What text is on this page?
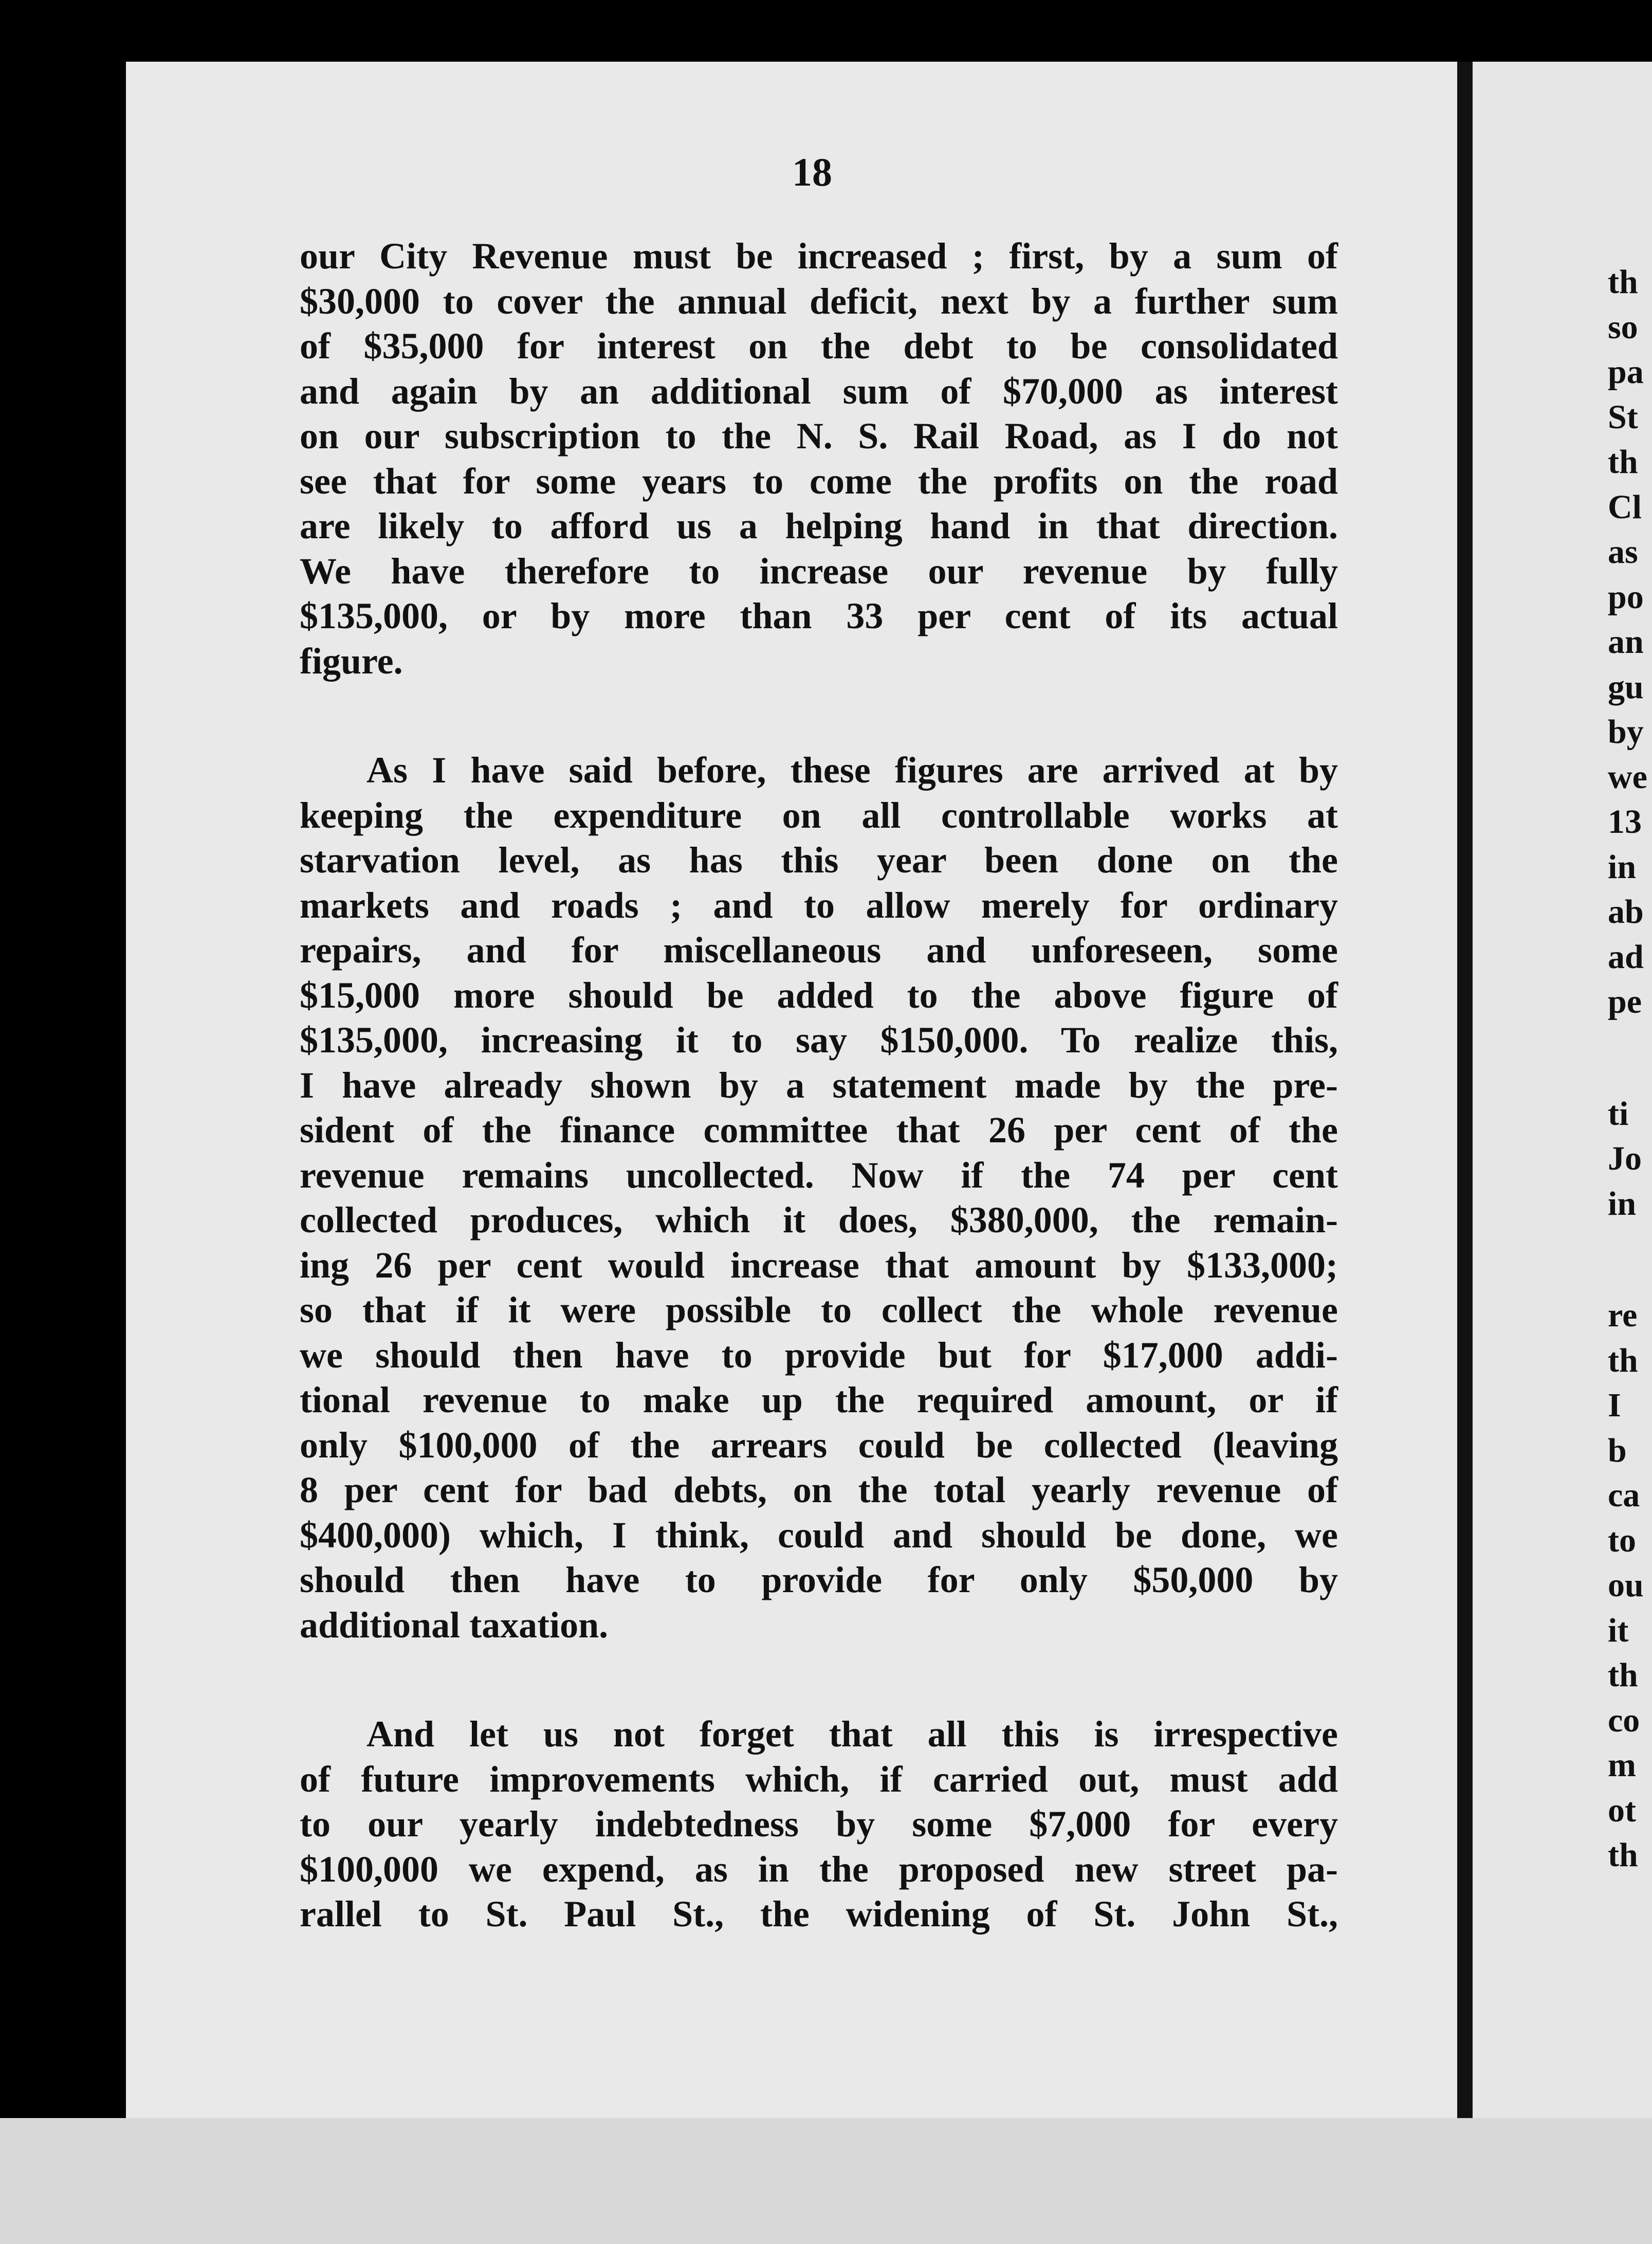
18
our City Revenue must be increased ; first, by a sum of
$30,000 to cover the annual deficit, next by a further sum
of $35,000 for interest on the debt to be consolidated
and again by an additional sum of $70,000 as interest
on our subscription to the N. S. Rail Road, as I do not
see that for some years to come the profits on the road
are likely to afford us a helping hand in that direction.
We have therefore to increase our revenue by fully
$135,000, or by more than 33 per cent of its actual
figure.
As I have said before, these figures are arrived at by
keeping the expenditure on all controllable works at
starvation level, as has this year been done on the
markets and roads ; and to allow merely for ordinary
repairs, and for miscellaneous and unforeseen, some
$15,000 more should be added to the above figure of
$135,000, increasing it to say $150,000. To realize this,
I have already shown by a statement made by the pre-
sident of the finance committee that 26 per cent of the
revenue remains uncollected. Now if the 74 per cent
collected produces, which it does, $380,000, the remain-
ing 26 per cent would increase that amount by $133,000;
so that if it were possible to collect the whole revenue
we should then have to provide but for $17,000 addi-
tional revenue to make up the required amount, or if
only $100,000 of the arrears could be collected (leaving
8 per cent for bad debts, on the total yearly revenue of
$400,000) which, I think, could and should be done, we
should then have to provide for only $50,000 by
additional taxation.
And let us not forget that all this is irrespective
of future improvements which, if carried out, must add
to our yearly indebtedness by some $7,000 for every
$100,000 we expend, as in the proposed new street pa-
rallel to St. Paul St., the widening of St. John St.,
th
so
pa
St
th
Cl
as
po
an
gu
by
we
13
in
ab
ad
pe
ti
Jo
in
re
th
I
b
ca
to
ou
it
th
co
m
ot
th
